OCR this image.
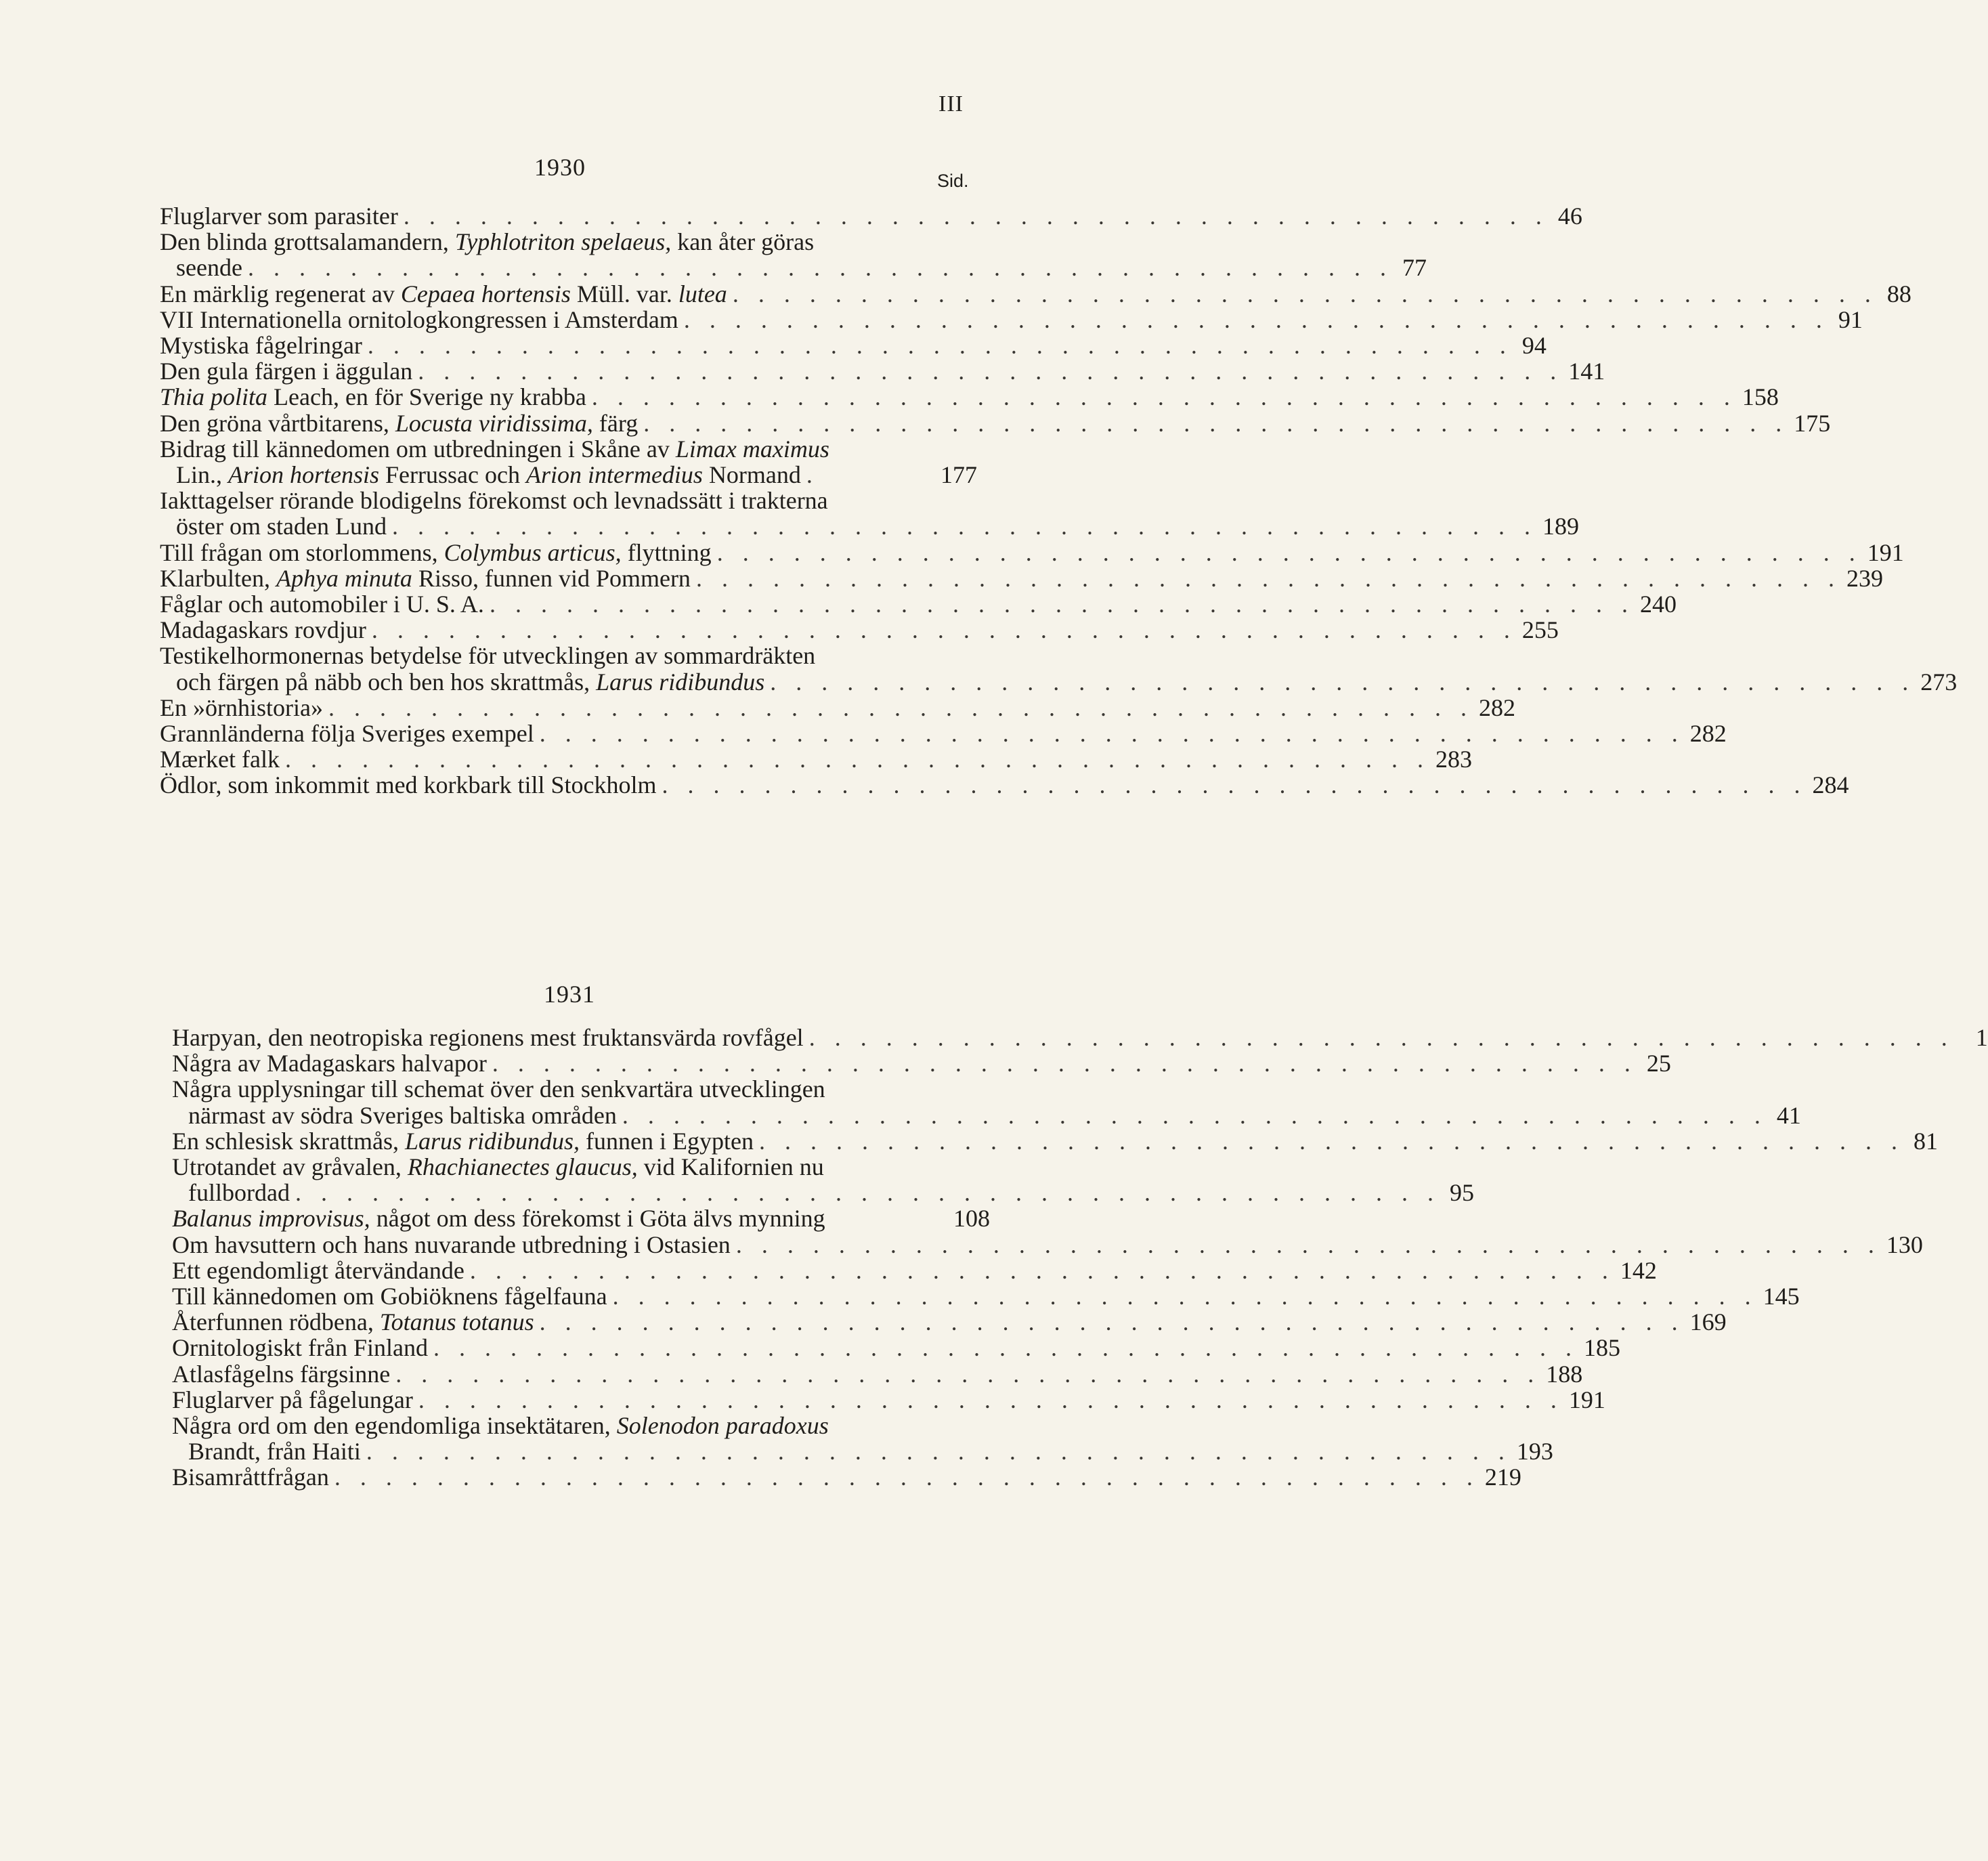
III
1930	Sid.
Fluglarver som parasiter . . . . . . . . . . . . . . . . . . . . . . . . . . . . . . . . . . . . . . . . . . . . . 46
Den blinda grottsalamandern, Typhlotriton spelaeus, kan åter göras
seende . . . . . . . . . . . . . . . . . . . . . . . . . . . . . . . . . . . . . . . . . . . . . 77
En märklig regenerat av Cepaea hortensis Müll. var. lutea . . . . . . . . . . . . . . . . . . . . . . . . . . . . . . . . . . . . . . . . . . . . . 88
VII Internationella ornitologkongressen i Amsterdam . . . . . . . . . . . . . . . . . . . . . . . . . . . . . . . . . . . . . . . . . . . . . 91
Mystiska fågelringar . . . . . . . . . . . . . . . . . . . . . . . . . . . . . . . . . . . . . . . . . . . . . 94
Den gula färgen i äggulan . . . . . . . . . . . . . . . . . . . . . . . . . . . . . . . . . . . . . . . . . . . . . 141
Thia polita Leach, en för Sverige ny krabba . . . . . . . . . . . . . . . . . . . . . . . . . . . . . . . . . . . . . . . . . . . . . 158
Den gröna vårtbitarens, Locusta viridissima, färg . . . . . . . . . . . . . . . . . . . . . . . . . . . . . . . . . . . . . . . . . . . . . 175
Bidrag till kännedomen om utbredningen i Skåne av Limax maximus
Lin., Arion hortensis Ferrussac och Arion intermedius Normand .	177
Iakttagelser rörande blodigelns förekomst och levnadssätt i trakterna
öster om staden Lund . . . . . . . . . . . . . . . . . . . . . . . . . . . . . . . . . . . . . . . . . . . . . 189
Till frågan om storlommens, Colymbus articus, flyttning . . . . . . . . . . . . . . . . . . . . . . . . . . . . . . . . . . . . . . . . . . . . . 191
Klarbulten, Aphya minuta Risso, funnen vid Pommern . . . . . . . . . . . . . . . . . . . . . . . . . . . . . . . . . . . . . . . . . . . . . 239
Fåglar och automobiler i U. S. A. . . . . . . . . . . . . . . . . . . . . . . . . . . . . . . . . . . . . . . . . . . . . . 240
Madagaskars rovdjur . . . . . . . . . . . . . . . . . . . . . . . . . . . . . . . . . . . . . . . . . . . . . 255
Testikelhormonernas betydelse för utvecklingen av sommardräkten
och färgen på näbb och ben hos skrattmås, Larus ridibundus . . . . . . . . . . . . . . . . . . . . . . . . . . . . . . . . . . . . . . . . . . . . . 273
En »örnhistoria» . . . . . . . . . . . . . . . . . . . . . . . . . . . . . . . . . . . . . . . . . . . . . 282
Grannländerna följa Sveriges exempel . . . . . . . . . . . . . . . . . . . . . . . . . . . . . . . . . . . . . . . . . . . . . 282
Mærket falk . . . . . . . . . . . . . . . . . . . . . . . . . . . . . . . . . . . . . . . . . . . . . 283
Ödlor, som inkommit med korkbark till Stockholm . . . . . . . . . . . . . . . . . . . . . . . . . . . . . . . . . . . . . . . . . . . . . 284
1931
Harpyan, den neotropiska regionens mest fruktansvärda rovfågel . . . . . . . . . . . . . . . . . . . . . . . . . . . . . . . . . . . . . . . . . . . . . 1
Några av Madagaskars halvapor . . . . . . . . . . . . . . . . . . . . . . . . . . . . . . . . . . . . . . . . . . . . . 25
Några upplysningar till schemat över den senkvartära utvecklingen
närmast av södra Sveriges baltiska områden . . . . . . . . . . . . . . . . . . . . . . . . . . . . . . . . . . . . . . . . . . . . . 41
En schlesisk skrattmås, Larus ridibundus, funnen i Egypten . . . . . . . . . . . . . . . . . . . . . . . . . . . . . . . . . . . . . . . . . . . . . 81
Utrotandet av gråvalen, Rhachianectes glaucus, vid Kalifornien nu
fullbordad . . . . . . . . . . . . . . . . . . . . . . . . . . . . . . . . . . . . . . . . . . . . . 95
Balanus improvisus, något om dess förekomst i Göta älvs mynning	108
Om havsuttern och hans nuvarande utbredning i Ostasien . . . . . . . . . . . . . . . . . . . . . . . . . . . . . . . . . . . . . . . . . . . . . 130
Ett egendomligt återvändande . . . . . . . . . . . . . . . . . . . . . . . . . . . . . . . . . . . . . . . . . . . . . 142
Till kännedomen om Gobiöknens fågelfauna . . . . . . . . . . . . . . . . . . . . . . . . . . . . . . . . . . . . . . . . . . . . . 145
Återfunnen rödbena, Totanus totanus . . . . . . . . . . . . . . . . . . . . . . . . . . . . . . . . . . . . . . . . . . . . . 169
Ornitologiskt från Finland . . . . . . . . . . . . . . . . . . . . . . . . . . . . . . . . . . . . . . . . . . . . . 185
Atlasfågelns färgsinne . . . . . . . . . . . . . . . . . . . . . . . . . . . . . . . . . . . . . . . . . . . . . 188
Fluglarver på fågelungar . . . . . . . . . . . . . . . . . . . . . . . . . . . . . . . . . . . . . . . . . . . . . 191
Några ord om den egendomliga insektätaren, Solenodon paradoxus
Brandt, från Haiti . . . . . . . . . . . . . . . . . . . . . . . . . . . . . . . . . . . . . . . . . . . . . 193
Bisamråttfrågan . . . . . . . . . . . . . . . . . . . . . . . . . . . . . . . . . . . . . . . . . . . . . 219
